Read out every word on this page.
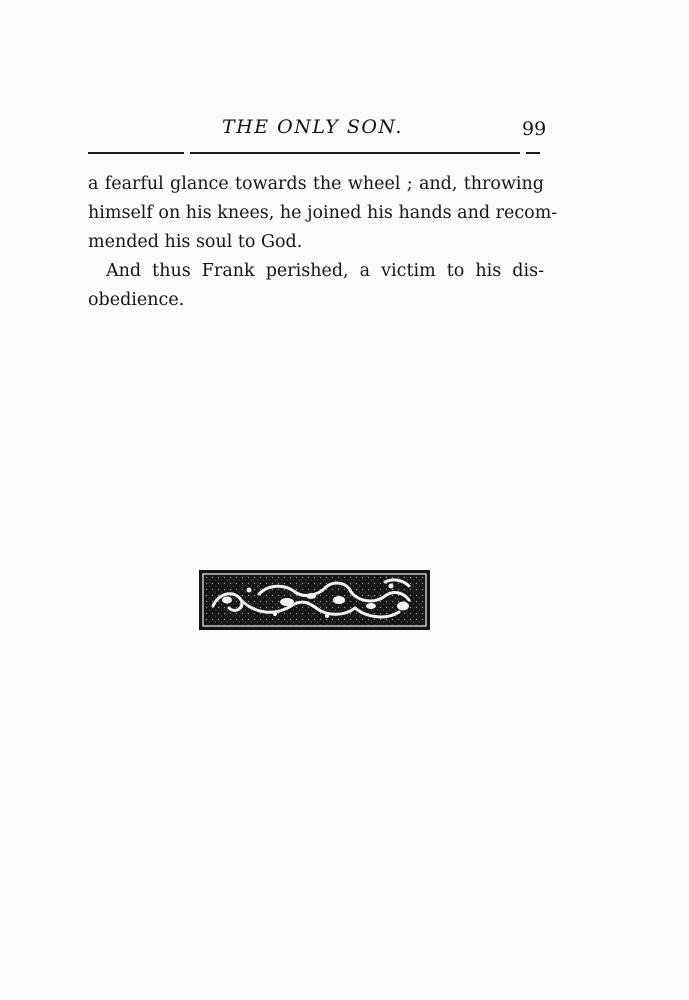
THE ONLY SON.	99

a fearful glance towards the wheel ; and, throwing
himself on his knees, he joined his hands and recom-
mended his soul to God.

And thus Frank perished, a victim to his dis-
obedience.
